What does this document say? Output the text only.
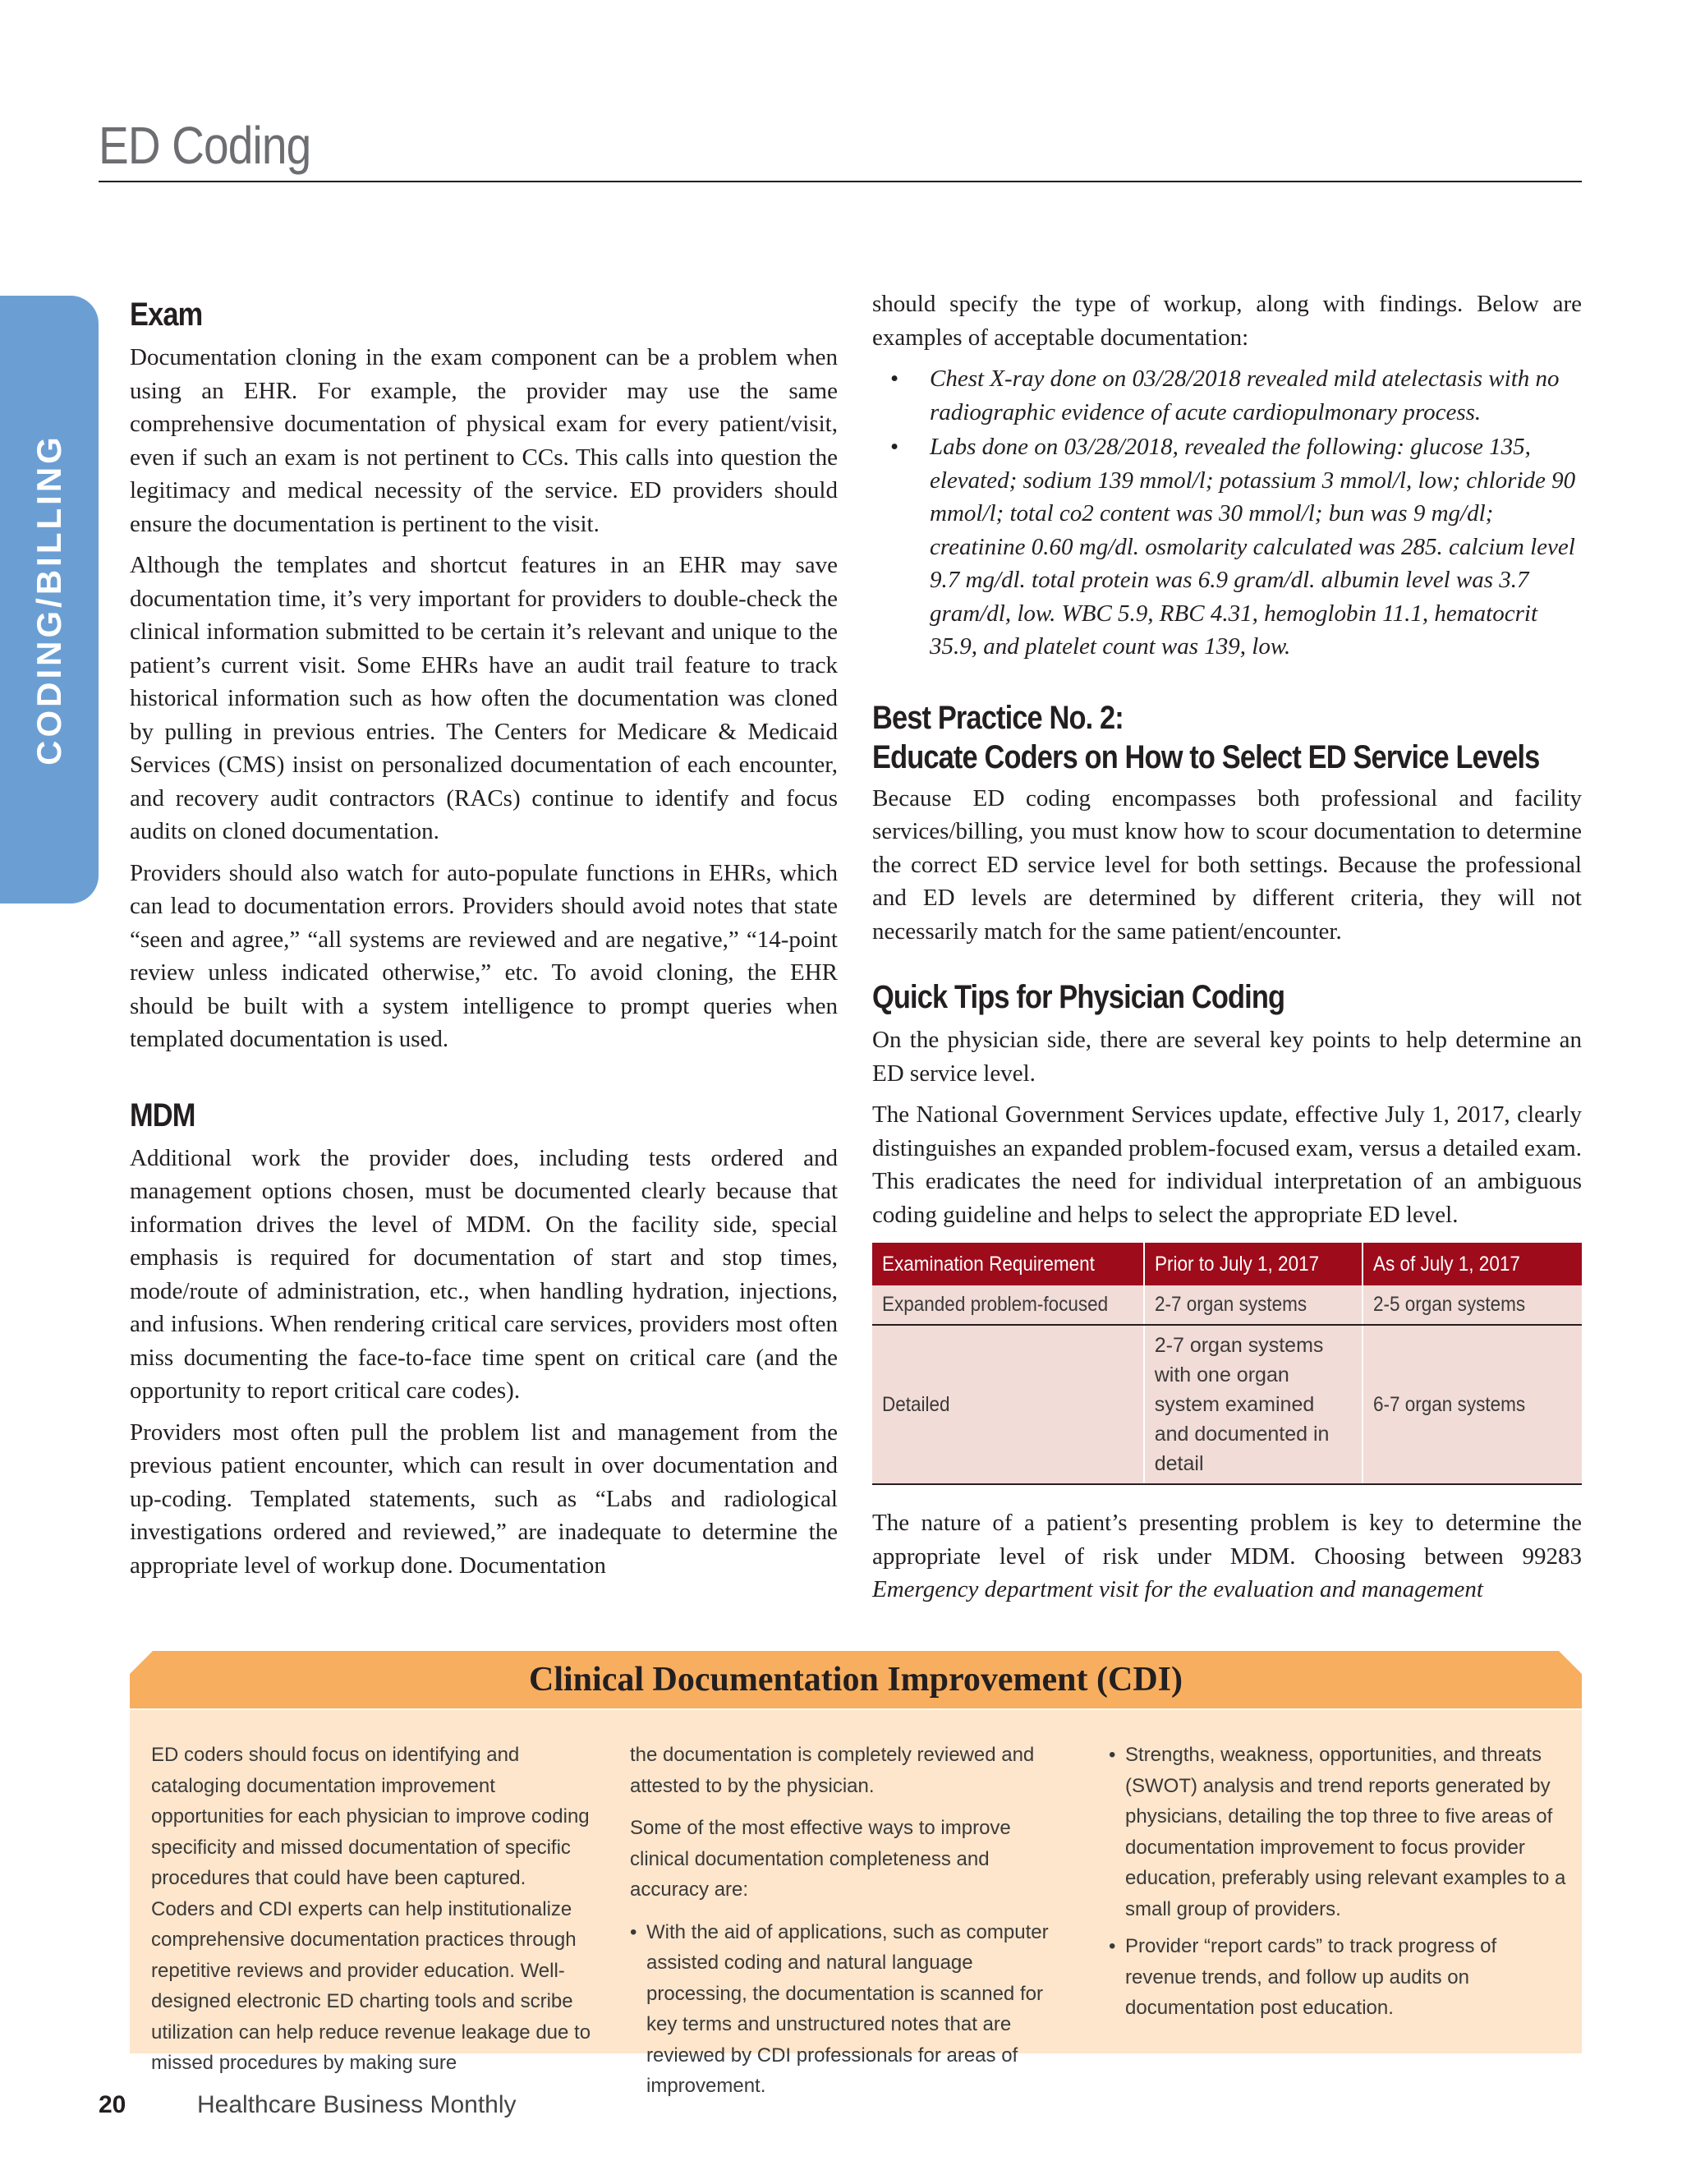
ED Coding
CODING/BILLING
Exam

Documentation cloning in the exam component can be a problem when using an EHR. For example, the provider may use the same comprehensive documentation of physical exam for every patient/visit, even if such an exam is not pertinent to CCs. This calls into question the legitimacy and medical necessity of the service. ED providers should ensure the documentation is pertinent to the visit.

Although the templates and shortcut features in an EHR may save documentation time, it’s very important for providers to double-check the clinical information submitted to be certain it’s relevant and unique to the patient’s current visit. Some EHRs have an audit trail feature to track historical information such as how often the documentation was cloned by pulling in previous entries. The Centers for Medicare & Medicaid Services (CMS) insist on personalized documentation of each encounter, and recovery audit contractors (RACs) continue to identify and focus audits on cloned documentation.

Providers should also watch for auto-populate functions in EHRs, which can lead to documentation errors. Providers should avoid notes that state “seen and agree,” “all systems are reviewed and are negative,” “14-point review unless indicated otherwise,” etc. To avoid cloning, the EHR should be built with a system intelligence to prompt queries when templated documentation is used.

MDM

Additional work the provider does, including tests ordered and management options chosen, must be documented clearly because that information drives the level of MDM. On the facility side, special emphasis is required for documentation of start and stop times, mode/route of administration, etc., when handling hydration, injections, and infusions. When rendering critical care services, providers most often miss documenting the face-to-face time spent on critical care (and the opportunity to report critical care codes).

Providers most often pull the problem list and management from the previous patient encounter, which can result in over documentation and up-coding. Templated statements, such as “Labs and radiological investigations ordered and reviewed,” are inadequate to determine the appropriate level of workup done. Documentation

should specify the type of workup, along with findings. Below are examples of acceptable documentation:

• Chest X-ray done on 03/28/2018 revealed mild atelectasis with no radiographic evidence of acute cardiopulmonary process.
• Labs done on 03/28/2018, revealed the following: glucose 135, elevated; sodium 139 mmol/l; potassium 3 mmol/l, low; chloride 90 mmol/l; total co2 content was 30 mmol/l; bun was 9 mg/dl; creatinine 0.60 mg/dl. osmolarity calculated was 285. calcium level 9.7 mg/dl. total protein was 6.9 gram/dl. albumin level was 3.7 gram/dl, low. WBC 5.9, RBC 4.31, hemoglobin 11.1, hematocrit 35.9, and platelet count was 139, low.
Best Practice No. 2:
Educate Coders on How to Select ED Service Levels

Because ED coding encompasses both professional and facility services/billing, you must know how to scour documentation to determine the correct ED service level for both settings. Because the professional and ED levels are determined by different criteria, they will not necessarily match for the same patient/encounter.

Quick Tips for Physician Coding

On the physician side, there are several key points to help determine an ED service level.

The National Government Services update, effective July 1, 2017, clearly distinguishes an expanded problem-focused exam, versus a detailed exam. This eradicates the need for individual interpretation of an ambiguous coding guideline and helps to select the appropriate ED level.

Examination Requirement	Prior to July 1, 2017	As of July 1, 2017
Expanded problem-focused	2-7 organ systems	2-5 organ systems
Detailed	2-7 organ systems with one organ system examined and documented in detail	6-7 organ systems

The nature of a patient’s presenting problem is key to determine the appropriate level of risk under MDM. Choosing between 99283 Emergency department visit for the evaluation and management

Clinical Documentation Improvement (CDI)

ED coders should focus on identifying and cataloging documentation improvement opportunities for each physician to improve coding specificity and missed documentation of specific procedures that could have been captured. Coders and CDI experts can help institutionalize comprehensive documentation practices through repetitive reviews and provider education. Well-designed electronic ED charting tools and scribe utilization can help reduce revenue leakage due to missed procedures by making sure

the documentation is completely reviewed and attested to by the physician.

Some of the most effective ways to improve clinical documentation completeness and accuracy are:

• With the aid of applications, such as computer assisted coding and natural language processing, the documentation is scanned for key terms and unstructured notes that are reviewed by CDI professionals for areas of improvement.
• Strengths, weakness, opportunities, and threats (SWOT) analysis and trend reports generated by physicians, detailing the top three to five areas of documentation improvement to focus provider education, preferably using relevant examples to a small group of providers.
• Provider “report cards” to track progress of revenue trends, and follow up audits on documentation post education.
20	Healthcare Business Monthly
